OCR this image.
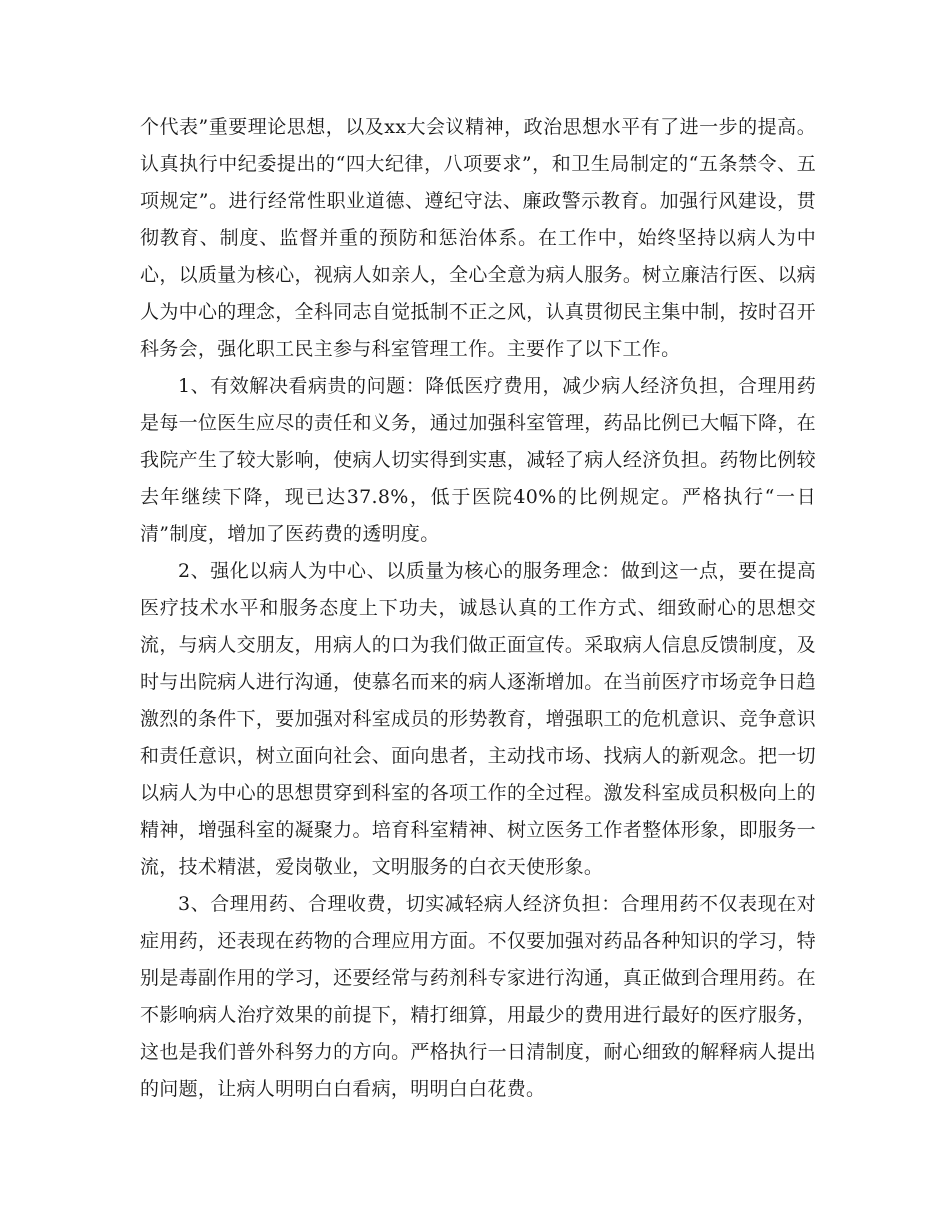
个代表”重要理论思想，以及xx大会议精神，政治思想水平有了进一步的提高。认真执行中纪委提出的“四大纪律，八项要求”，和卫生局制定的“五条禁令、五项规定”。进行经常性职业道德、遵纪守法、廉政警示教育。加强行风建设，贯彻教育、制度、监督并重的预防和惩治体系。在工作中，始终坚持以病人为中心，以质量为核心，视病人如亲人，全心全意为病人服务。树立廉洁行医、以病人为中心的理念，全科同志自觉抵制不正之风，认真贯彻民主集中制，按时召开科务会，强化职工民主参与科室管理工作。主要作了以下工作。

1、有效解决看病贵的问题：降低医疗费用，减少病人经济负担，合理用药是每一位医生应尽的责任和义务，通过加强科室管理，药品比例已大幅下降，在我院产生了较大影响，使病人切实得到实惠，减轻了病人经济负担。药物比例较去年继续下降，现已达37.8%，低于医院40%的比例规定。严格执行“一日清”制度，增加了医药费的透明度。

2、强化以病人为中心、以质量为核心的服务理念：做到这一点，要在提高医疗技术水平和服务态度上下功夫，诚恳认真的工作方式、细致耐心的思想交流，与病人交朋友，用病人的口为我们做正面宣传。采取病人信息反馈制度，及时与出院病人进行沟通，使慕名而来的病人逐渐增加。在当前医疗市场竞争日趋激烈的条件下，要加强对科室成员的形势教育，增强职工的危机意识、竞争意识和责任意识，树立面向社会、面向患者，主动找市场、找病人的新观念。把一切以病人为中心的思想贯穿到科室的各项工作的全过程。激发科室成员积极向上的精神，增强科室的凝聚力。培育科室精神、树立医务工作者整体形象，即服务一流，技术精湛，爱岗敬业，文明服务的白衣天使形象。

3、合理用药、合理收费，切实减轻病人经济负担：合理用药不仅表现在对症用药，还表现在药物的合理应用方面。不仅要加强对药品各种知识的学习，特别是毒副作用的学习，还要经常与药剂科专家进行沟通，真正做到合理用药。在不影响病人治疗效果的前提下，精打细算，用最少的费用进行最好的医疗服务，这也是我们普外科努力的方向。严格执行一日清制度，耐心细致的解释病人提出的问题，让病人明明白白看病，明明白白花费。
